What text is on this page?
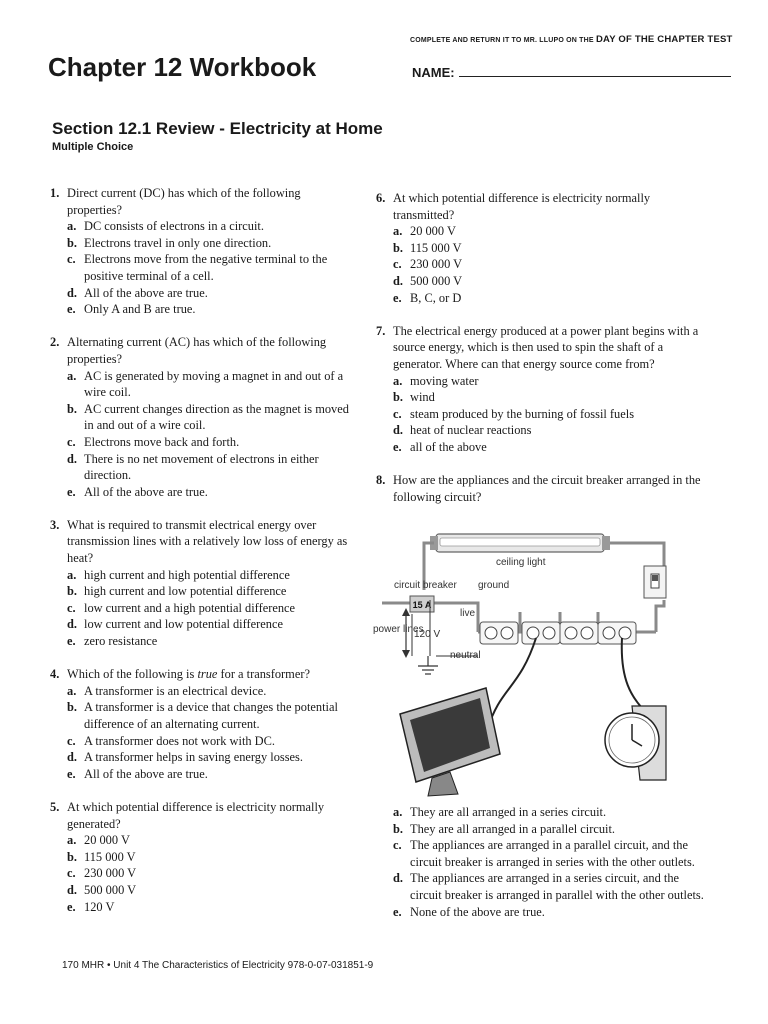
COMPLETE AND RETURN IT TO MR. LLUPO ON THE DAY OF THE CHAPTER TEST
Chapter 12 Workbook	NAME:
Section 12.1 Review - Electricity at Home
Multiple Choice
1. Direct current (DC) has which of the following properties?
a. DC consists of electrons in a circuit.
b. Electrons travel in only one direction.
c. Electrons move from the negative terminal to the positive terminal of a cell.
d. All of the above are true.
e. Only A and B are true.
2. Alternating current (AC) has which of the following properties?
a. AC is generated by moving a magnet in and out of a wire coil.
b. AC current changes direction as the magnet is moved in and out of a wire coil.
c. Electrons move back and forth.
d. There is no net movement of electrons in either direction.
e. All of the above are true.
3. What is required to transmit electrical energy over transmission lines with a relatively low loss of energy as heat?
a. high current and high potential difference
b. high current and low potential difference
c. low current and a high potential difference
d. low current and low potential difference
e. zero resistance
4. Which of the following is true for a transformer?
a. A transformer is an electrical device.
b. A transformer is a device that changes the potential difference of an alternating current.
c. A transformer does not work with DC.
d. A transformer helps in saving energy losses.
e. All of the above are true.
5. At which potential difference is electricity normally generated?
a. 20 000 V
b. 115 000 V
c. 230 000 V
d. 500 000 V
e. 120 V
6. At which potential difference is electricity normally transmitted?
a. 20 000 V
b. 115 000 V
c. 230 000 V
d. 500 000 V
e. B, C, or D
7. The electrical energy produced at a power plant begins with a source energy, which is then used to spin the shaft of a generator. Where can that energy source come from?
a. moving water
b. wind
c. steam produced by the burning of fossil fuels
d. heat of nuclear reactions
e. all of the above
8. How are the appliances and the circuit breaker arranged in the following circuit?
ceiling light
circuit breaker ground
15 A
live
power lines
120 V
neutral
a. They are all arranged in a series circuit.
b. They are all arranged in a parallel circuit.
c. The appliances are arranged in a parallel circuit, and the circuit breaker is arranged in series with the other outlets.
d. The appliances are arranged in a series circuit, and the circuit breaker is arranged in parallel with the other outlets.
e. None of the above are true.
170 MHR • Unit 4 The Characteristics of Electricity 978-0-07-031851-9
